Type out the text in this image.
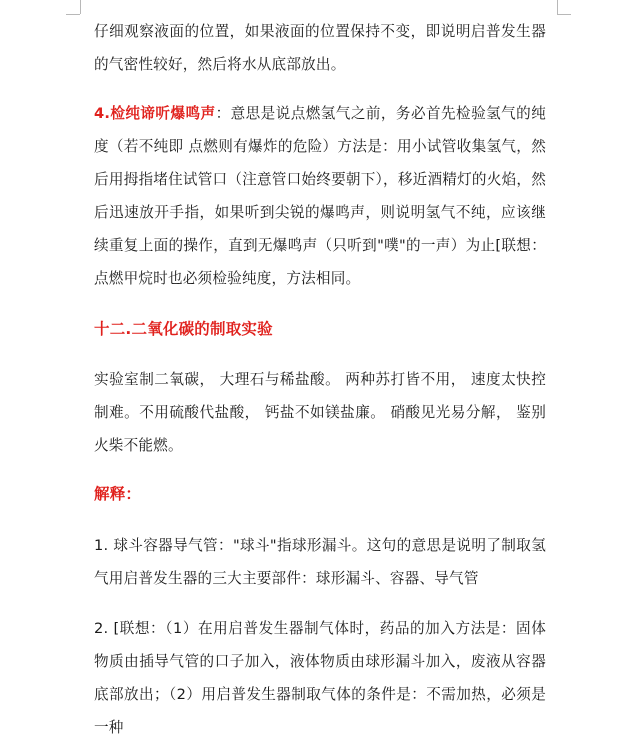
仔细观察液面的位置，如果液面的位置保持不变，即说明启普发生器的气密性较好，然后将水从底部放出。

4.检纯谛听爆鸣声：意思是说点燃氢气之前，务必首先检验氢气的纯度（若不纯即 点燃则有爆炸的危险）方法是：用小试管收集氢气，然后用拇指堵住试管口（注意管口始终要朝下），移近酒精灯的火焰，然后迅速放开手指，如果听到尖锐的爆鸣声，则说明氢气不纯，应该继续重复上面的操作，直到无爆鸣声（只听到"噗"的一声）为止[联想：点燃甲烷时也必须检验纯度，方法相同。

十二.二氧化碳的制取实验

实验室制二氧碳， 大理石与稀盐酸。 两种苏打皆不用， 速度太快控制难。不用硫酸代盐酸， 钙盐不如镁盐廉。 硝酸见光易分解， 鉴别火柴不能燃。

解释：

1. 球斗容器导气管："球斗"指球形漏斗。这句的意思是说明了制取氢气用启普发生器的三大主要部件：球形漏斗、容器、导气管

2. [联想：（1）在用启普发生器制气体时，药品的加入方法是：固体物质由插导气管的口子加入，液体物质由球形漏斗加入，废液从容器底部放出；（2）用启普发生器制取气体的条件是：不需加热，必须是一种
